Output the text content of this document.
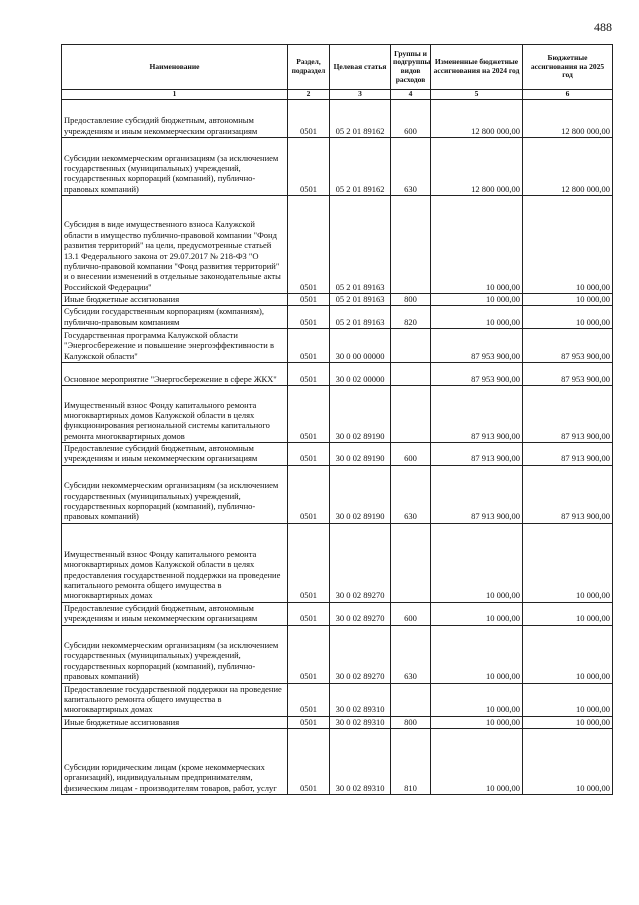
488
Наименование	Раздел, подраздел	Целевая статья	Группы и подгруппы видов расходов	Измененные бюджетные ассигнования на 2024 год	Бюджетные ассигнования на 2025 год
1	2	3	4	5	6
Предоставление субсидий бюджетным, автономным учреждениям и иным некоммерческим организациям	0501	05 2 01 89162	600	12 800 000,00	12 800 000,00
Субсидии некоммерческим организациям (за исключением государственных (муниципальных) учреждений, государственных корпораций (компаний), публично-правовых компаний)	0501	05 2 01 89162	630	12 800 000,00	12 800 000,00
Субсидия в виде имущественного взноса Калужской области в имущество публично-правовой компании "Фонд развития территорий" на цели, предусмотренные статьей 13.1 Федерального закона от 29.07.2017 № 218-ФЗ "О публично-правовой компании "Фонд развития территорий" и о внесении изменений в отдельные законодательные акты Российской Федерации"	0501	05 2 01 89163		10 000,00	10 000,00
Иные бюджетные ассигнования	0501	05 2 01 89163	800	10 000,00	10 000,00
Субсидии государственным корпорациям (компаниям), публично-правовым компаниям	0501	05 2 01 89163	820	10 000,00	10 000,00
Государственная программа Калужской области "Энергосбережение и повышение энергоэффективности в Калужской области"	0501	30 0 00 00000		87 953 900,00	87 953 900,00
Основное мероприятие "Энергосбережение в сфере ЖКХ"	0501	30 0 02 00000		87 953 900,00	87 953 900,00
Имущественный взнос Фонду капитального ремонта многоквартирных домов Калужской области в целях функционирования региональной системы капитального ремонта многоквартирных домов	0501	30 0 02 89190		87 913 900,00	87 913 900,00
Предоставление субсидий бюджетным, автономным учреждениям и иным некоммерческим организациям	0501	30 0 02 89190	600	87 913 900,00	87 913 900,00
Субсидии некоммерческим организациям (за исключением государственных (муниципальных) учреждений, государственных корпораций (компаний), публично-правовых компаний)	0501	30 0 02 89190	630	87 913 900,00	87 913 900,00
Имущественный взнос Фонду капитального ремонта многоквартирных домов Калужской области в целях предоставления государственной поддержки на проведение капитального ремонта общего имущества в многоквартирных домах	0501	30 0 02 89270		10 000,00	10 000,00
Предоставление субсидий бюджетным, автономным учреждениям и иным некоммерческим организациям	0501	30 0 02 89270	600	10 000,00	10 000,00
Субсидии некоммерческим организациям (за исключением государственных (муниципальных) учреждений, государственных корпораций (компаний), публично-правовых компаний)	0501	30 0 02 89270	630	10 000,00	10 000,00
Предоставление государственной поддержки на проведение капитального ремонта общего имущества в многоквартирных домах	0501	30 0 02 89310		10 000,00	10 000,00
Иные бюджетные ассигнования	0501	30 0 02 89310	800	10 000,00	10 000,00
Субсидии юридическим лицам (кроме некоммерческих организаций), индивидуальным предпринимателям, физическим лицам - производителям товаров, работ, услуг	0501	30 0 02 89310	810	10 000,00	10 000,00
